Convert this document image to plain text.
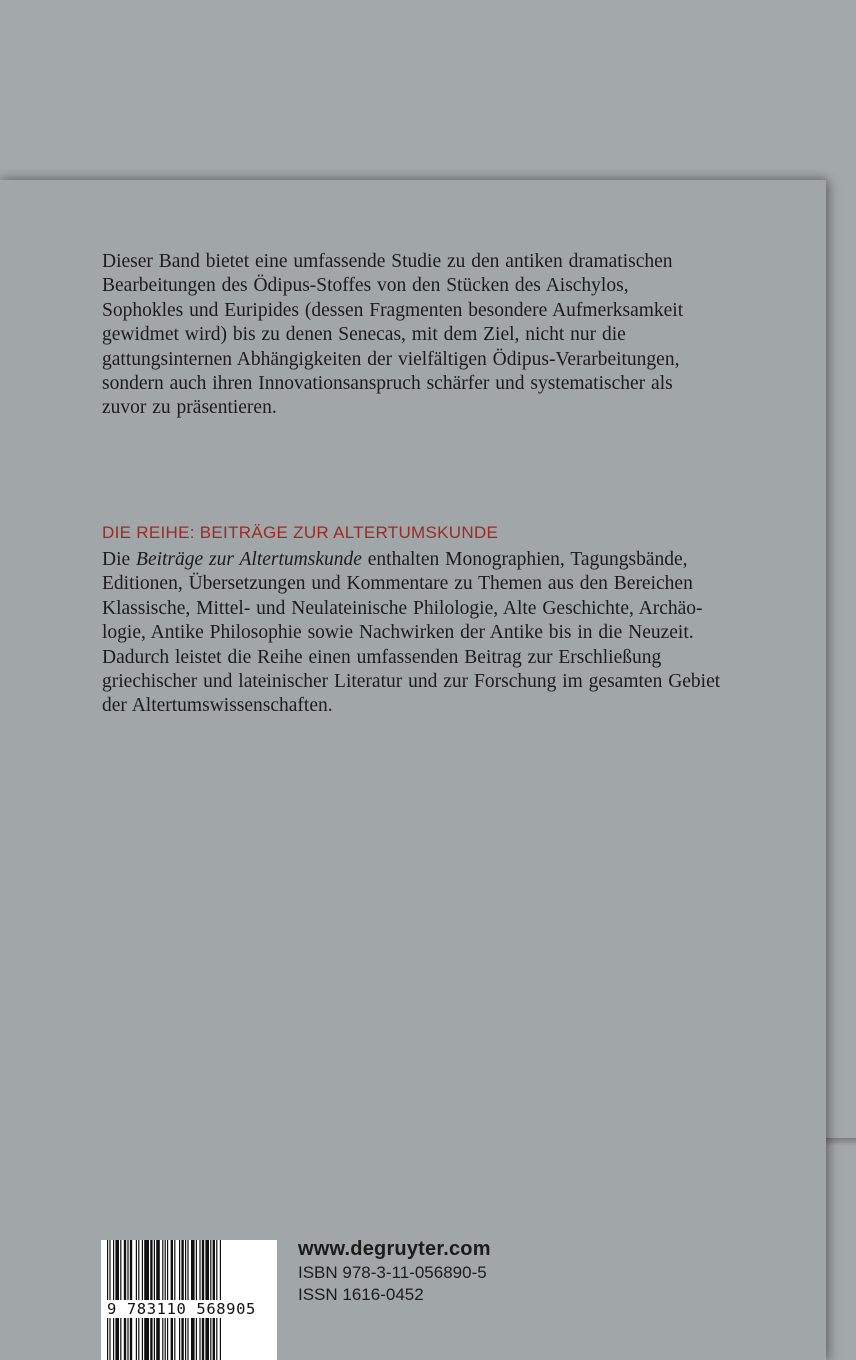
Dieser Band bietet eine umfassende Studie zu den antiken dramatischen
Bearbeitungen des Ödipus-Stoffes von den Stücken des Aischylos,
Sophokles und Euripides (dessen Fragmenten besondere Aufmerksamkeit
gewidmet wird) bis zu denen Senecas, mit dem Ziel, nicht nur die
gattungsinternen Abhängigkeiten der vielfältigen Ödipus-Verarbeitungen,
sondern auch ihren Innovationsanspruch schärfer und systematischer als
zuvor zu präsentieren.
DIE REIHE: BEITRÄGE ZUR ALTERTUMSKUNDE
Die Beiträge zur Altertumskunde enthalten Monographien, Tagungsbände,
Editionen, Übersetzungen und Kommentare zu Themen aus den Bereichen
Klassische, Mittel- und Neulateinische Philologie, Alte Geschichte, Archäo-
logie, Antike Philosophie sowie Nachwirken der Antike bis in die Neuzeit.
Dadurch leistet die Reihe einen umfassenden Beitrag zur Erschließung
griechischer und lateinischer Literatur und zur Forschung im gesamten Gebiet
der Altertumswissenschaften.
9 783110 568905
www.degruyter.com
ISBN 978-3-11-056890-5
ISSN 1616-0452
